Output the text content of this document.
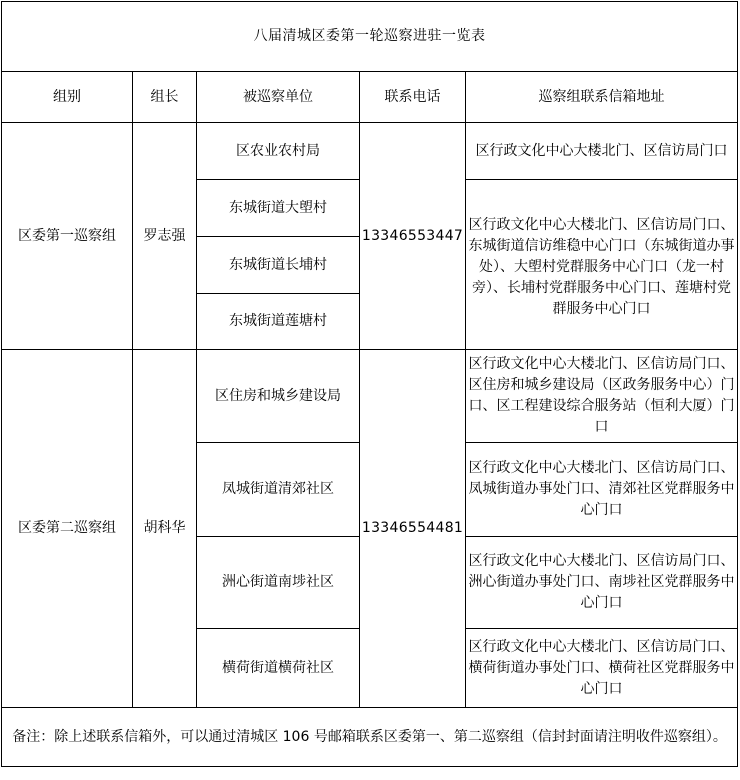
八届清城区委第一轮巡察进驻一览表				
组别	组长	被巡察单位	联系电话	巡察组联系信箱地址
区委第一巡察组	罗志强	区农业农村局	13346553447	区行政文化中心大楼北门、区信访局门口
		东城街道大塱村		区行政文化中心大楼北门、区信访局门口、东城街道信访维稳中心门口（东城街道办事处）、大塱村党群服务中心门口（龙一村旁）、长埔村党群服务中心门口、莲塘村党群服务中心门口
		东城街道长埔村		
		东城街道莲塘村		
区委第二巡察组	胡科华	区住房和城乡建设局	13346554481	区行政文化中心大楼北门、区信访局门口、区住房和城乡建设局（区政务服务中心）门口、区工程建设综合服务站（恒利大厦）门口
		凤城街道清郊社区		区行政文化中心大楼北门、区信访局门口、凤城街道办事处门口、清郊社区党群服务中心门口
		洲心街道南埗社区		区行政文化中心大楼北门、区信访局门口、洲心街道办事处门口、南埗社区党群服务中心门口
		横荷街道横荷社区		区行政文化中心大楼北门、区信访局门口、横荷街道办事处门口、横荷社区党群服务中心门口

备注：除上述联系信箱外，可以通过清城区 106 号邮箱联系区委第一、第二巡察组（信封封面请注明收件巡察组）。				
